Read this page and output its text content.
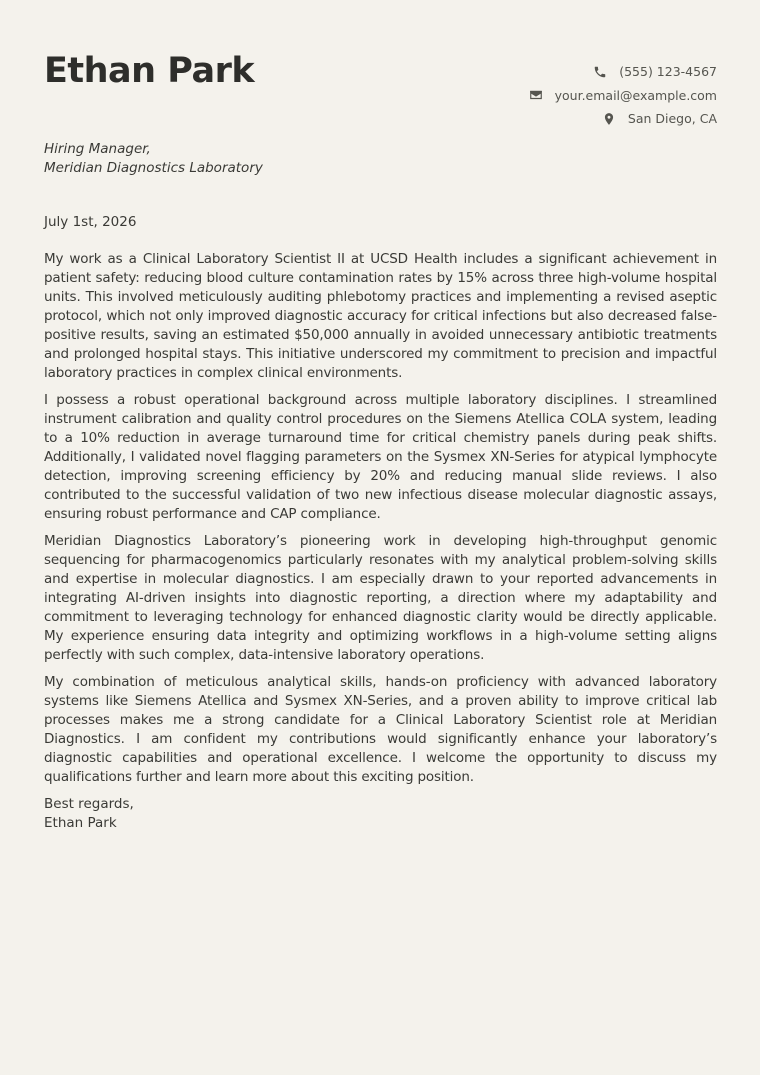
Ethan Park	(555) 123-4567
your.email@example.com
San Diego, CA
Hiring Manager,
Meridian Diagnostics Laboratory
July 1st, 2026

My work as a Clinical Laboratory Scientist II at UCSD Health includes a significant achievement in patient safety: reducing blood culture contamination rates by 15% across three high-volume hospital units. This involved meticulously auditing phlebotomy practices and implementing a revised aseptic protocol, which not only improved diagnostic accuracy for critical infections but also decreased false-positive results, saving an estimated $50,000 annually in avoided unnecessary antibiotic treatments and prolonged hospital stays. This initiative underscored my commitment to precision and impactful laboratory practices in complex clinical environments.

I possess a robust operational background across multiple laboratory disciplines. I streamlined instrument calibration and quality control procedures on the Siemens Atellica COLA system, leading to a 10% reduction in average turnaround time for critical chemistry panels during peak shifts. Additionally, I validated novel flagging parameters on the Sysmex XN-Series for atypical lymphocyte detection, improving screening efficiency by 20% and reducing manual slide reviews. I also contributed to the successful validation of two new infectious disease molecular diagnostic assays, ensuring robust performance and CAP compliance.

Meridian Diagnostics Laboratory’s pioneering work in developing high-throughput genomic sequencing for pharmacogenomics particularly resonates with my analytical problem-solving skills and expertise in molecular diagnostics. I am especially drawn to your reported advancements in integrating AI-driven insights into diagnostic reporting, a direction where my adaptability and commitment to leveraging technology for enhanced diagnostic clarity would be directly applicable. My experience ensuring data integrity and optimizing workflows in a high-volume setting aligns perfectly with such complex, data-intensive laboratory operations.

My combination of meticulous analytical skills, hands-on proficiency with advanced laboratory systems like Siemens Atellica and Sysmex XN-Series, and a proven ability to improve critical lab processes makes me a strong candidate for a Clinical Laboratory Scientist role at Meridian Diagnostics. I am confident my contributions would significantly enhance your laboratory’s diagnostic capabilities and operational excellence. I welcome the opportunity to discuss my qualifications further and learn more about this exciting position.

Best regards,
Ethan Park
